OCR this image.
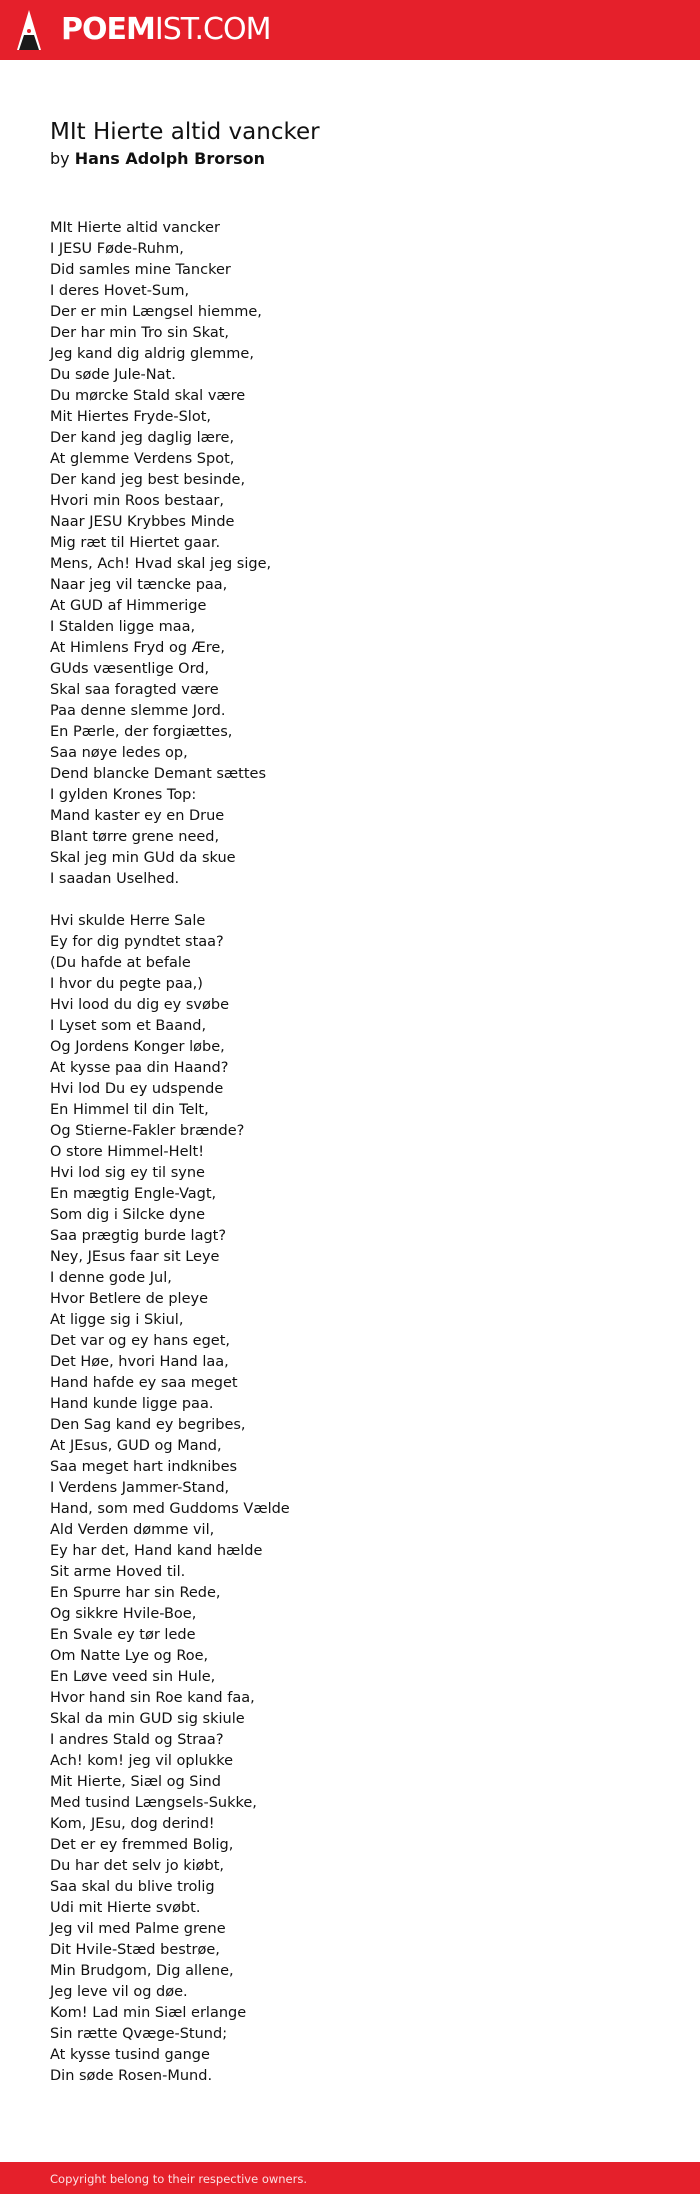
POEMIST.COM
MIt Hierte altid vancker
by Hans Adolph Brorson
MIt Hierte altid vancker
I JESU Føde-Ruhm,
Did samles mine Tancker
I deres Hovet-Sum,
Der er min Længsel hiemme,
Der har min Tro sin Skat,
Jeg kand dig aldrig glemme,
Du søde Jule-Nat.
Du mørcke Stald skal være
Mit Hiertes Fryde-Slot,
Der kand jeg daglig lære,
At glemme Verdens Spot,
Der kand jeg best besinde,
Hvori min Roos bestaar,
Naar JESU Krybbes Minde
Mig ræt til Hiertet gaar.
Mens, Ach! Hvad skal jeg sige,
Naar jeg vil tæncke paa,
At GUD af Himmerige
I Stalden ligge maa,
At Himlens Fryd og Ære,
GUds væsentlige Ord,
Skal saa foragted være
Paa denne slemme Jord.
En Pærle, der forgiættes,
Saa nøye ledes op,
Dend blancke Demant sættes
I gylden Krones Top:
Mand kaster ey en Drue
Blant tørre grene need,
Skal jeg min GUd da skue
I saadan Uselhed.
Hvi skulde Herre Sale
Ey for dig pyndtet staa?
(Du hafde at befale
I hvor du pegte paa,)
Hvi lood du dig ey svøbe
I Lyset som et Baand,
Og Jordens Konger løbe,
At kysse paa din Haand?
Hvi lod Du ey udspende
En Himmel til din Telt,
Og Stierne-Fakler brænde?
O store Himmel-Helt!
Hvi lod sig ey til syne
En mægtig Engle-Vagt,
Som dig i Silcke dyne
Saa prægtig burde lagt?
Ney, JEsus faar sit Leye
I denne gode Jul,
Hvor Betlere de pleye
At ligge sig i Skiul,
Det var og ey hans eget,
Det Høe, hvori Hand laa,
Hand hafde ey saa meget
Hand kunde ligge paa.
Den Sag kand ey begribes,
At JEsus, GUD og Mand,
Saa meget hart indknibes
I Verdens Jammer-Stand,
Hand, som med Guddoms Vælde
Ald Verden dømme vil,
Ey har det, Hand kand hælde
Sit arme Hoved til.
En Spurre har sin Rede,
Og sikkre Hvile-Boe,
En Svale ey tør lede
Om Natte Lye og Roe,
En Løve veed sin Hule,
Hvor hand sin Roe kand faa,
Skal da min GUD sig skiule
I andres Stald og Straa?
Ach! kom! jeg vil oplukke
Mit Hierte, Siæl og Sind
Med tusind Længsels-Sukke,
Kom, JEsu, dog derind!
Det er ey fremmed Bolig,
Du har det selv jo kiøbt,
Saa skal du blive trolig
Udi mit Hierte svøbt.
Jeg vil med Palme grene
Dit Hvile-Stæd bestrøe,
Min Brudgom, Dig allene,
Jeg leve vil og døe.
Kom! Lad min Siæl erlange
Sin rætte Qvæge-Stund;
At kysse tusind gange
Din søde Rosen-Mund.
Copyright belong to their respective owners.
